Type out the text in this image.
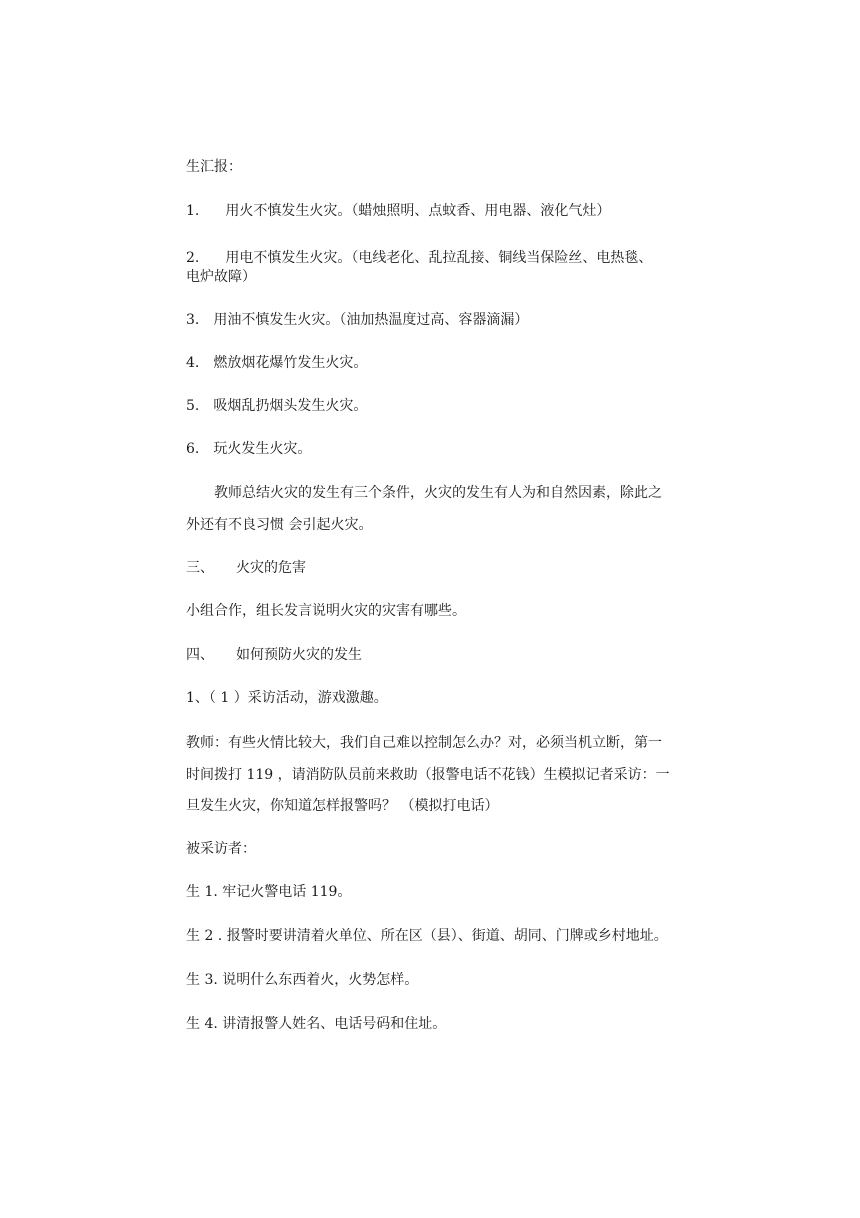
生汇报：

1. 用火不慎发生火灾。（蜡烛照明、点蚊香、用电器、液化气灶）

2. 用电不慎发生火灾。（电线老化、乱拉乱接、铜线当保险丝、电热毯、

电炉故障）

3. 用油不慎发生火灾。（油加热温度过高、容器滴漏）

4. 燃放烟花爆竹发生火灾。

5. 吸烟乱扔烟头发生火灾。

6. 玩火发生火灾。

教师总结火灾的发生有三个条件，火灾的发生有人为和自然因素，除此之

外还有不良习惯 会引起火灾。

三、 火灾的危害

小组合作，组长发言说明火灾的灾害有哪些。

四、 如何预防火灾的发生

1、（ 1 ）采访活动，游戏激趣。

教师：有些火情比较大，我们自己难以控制怎么办？对，必须当机立断，第一

时间拨打 119 ，请消防队员前来救助（报警电话不花钱）生模拟记者采访：一

旦发生火灾，你知道怎样报警吗？ （模拟打电话）

被采访者：

生 1. 牢记火警电话 119。

生 2 . 报警时要讲清着火单位、所在区（县）、街道、胡同、门牌或乡村地址。

生 3. 说明什么东西着火，火势怎样。

生 4. 讲清报警人姓名、电话号码和住址。
